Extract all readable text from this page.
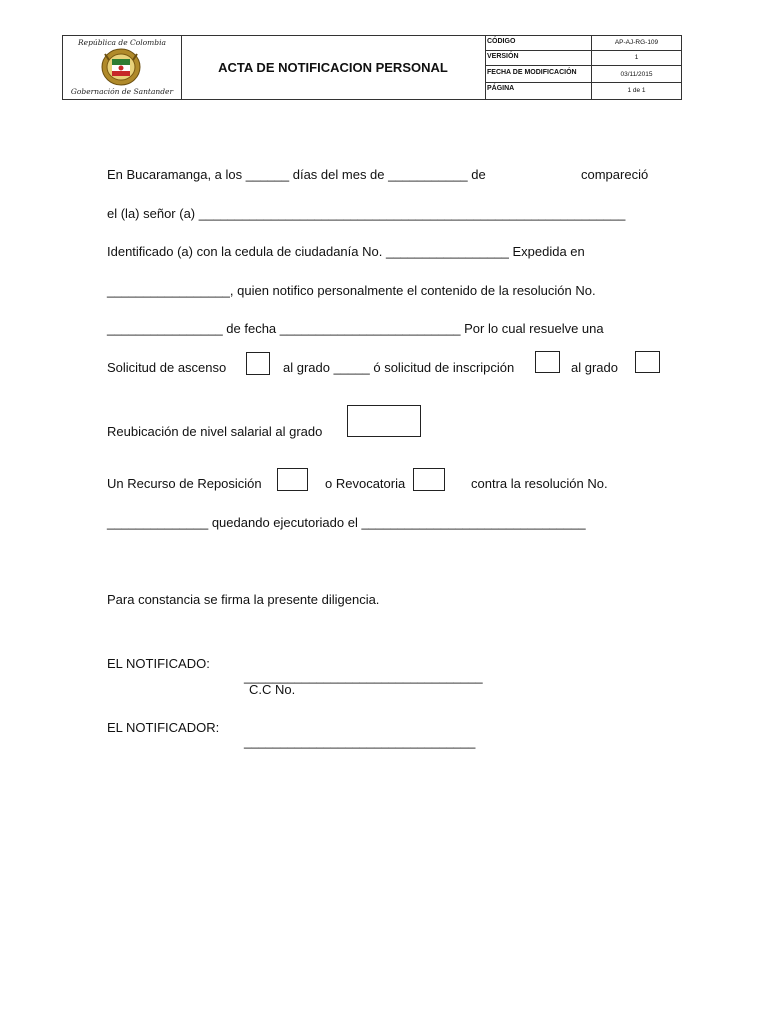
República de Colombia
Gobernación de Santander
ACTA DE NOTIFICACION PERSONAL
CÓDIGO	AP-AJ-RG-109
VERSIÓN	1
FECHA DE MODIFICACIÓN	03/11/2015
PÁGINA	1 de 1
En Bucaramanga, a los ______ días del mes de ___________ de	compareció
el (la) señor (a) ___________________________________________________________
Identificado (a) con la cedula de ciudadanía No. _________________ Expedida en
_________________, quien notifico personalmente el contenido de la resolución No.
________________ de fecha _________________________ Por lo cual resuelve una
Solicitud de ascenso	al grado _____ ó solicitud de inscripción	al grado
Reubicación de nivel salarial al grado
Un Recurso de Reposición	o Revocatoria	contra la resolución No.
______________ quedando ejecutoriado el _______________________________
Para constancia se firma la presente diligencia.
EL NOTIFICADO:
_________________________________
C.C No.
EL NOTIFICADOR:
________________________________
